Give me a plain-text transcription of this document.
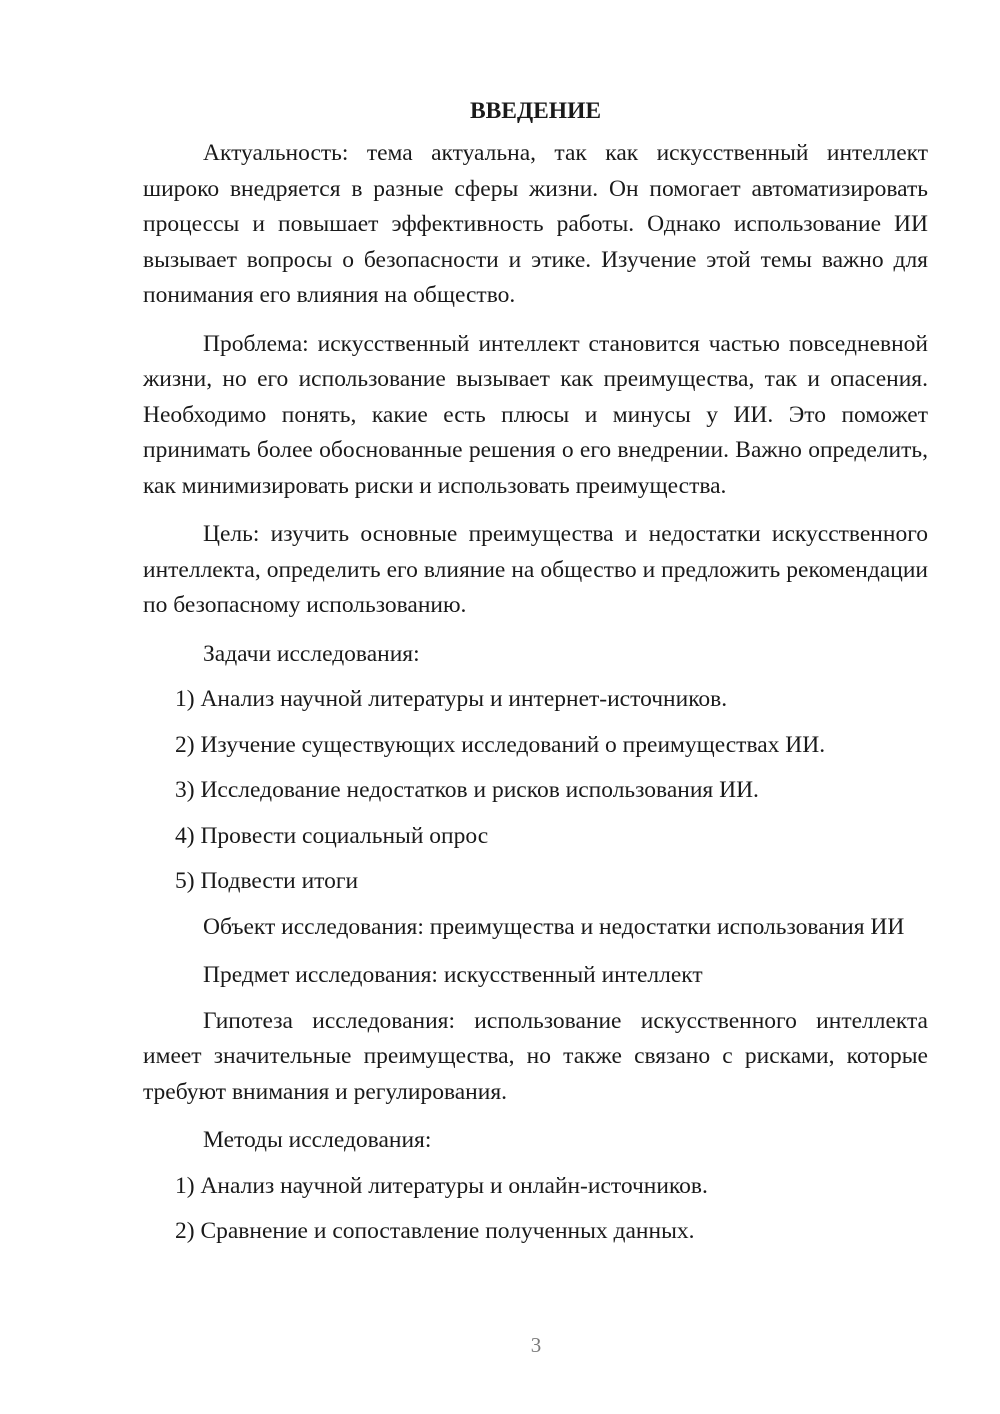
ВВЕДЕНИЕ

Актуальность: тема актуальна, так как искусственный интеллект широко внедряется в разные сферы жизни. Он помогает автоматизировать процессы и повышает эффективность работы. Однако использование ИИ вызывает вопросы о безопасности и этике. Изучение этой темы важно для понимания его влияния на общество.

Проблема: искусственный интеллект становится частью повседневной жизни, но его использование вызывает как преимущества, так и опасения. Необходимо понять, какие есть плюсы и минусы у ИИ. Это поможет принимать более обоснованные решения о его внедрении. Важно определить, как минимизировать риски и использовать преимущества.

Цель: изучить основные преимущества и недостатки искусственного интеллекта, определить его влияние на общество и предложить рекомендации по безопасному использованию.

Задачи исследования:

1) Анализ научной литературы и интернет-источников.

2) Изучение существующих исследований о преимуществах ИИ.

3) Исследование недостатков и рисков использования ИИ.

4) Провести социальный опрос

5) Подвести итоги

Объект исследования: преимущества и недостатки использования ИИ

Предмет исследования: искусственный интеллект

Гипотеза исследования: использование искусственного интеллекта имеет значительные преимущества, но также связано с рисками, которые требуют внимания и регулирования.

Методы исследования:

1) Анализ научной литературы и онлайн-источников.

2) Сравнение и сопоставление полученных данных.

3
